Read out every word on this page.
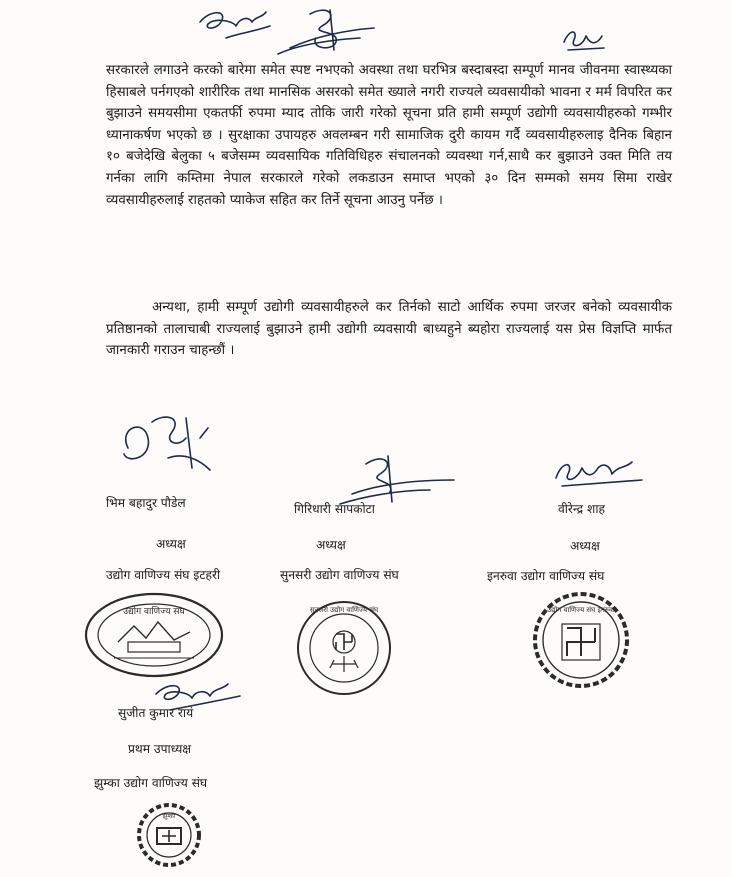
सरकारले लगाउने करको बारेमा समेत स्पष्ट नभएको अवस्था तथा घरभित्र बस्दाबस्दा सम्पूर्ण मानव जीवनमा स्वास्थ्यका हिसाबले पर्नगएको शारीरिक तथा मानसिक असरको समेत ख्याले नगरी राज्यले व्यवसायीको भावना र मर्म विपरित कर बुझाउने समयसीमा एकतर्फी रुपमा म्याद तोकि जारी गरेको सूचना प्रति हामी सम्पूर्ण उद्योगी व्यवसायीहरुको गम्भीर ध्यानाकर्षण भएको छ । सुरक्षाका उपायहरु अवलम्बन गरी सामाजिक दुरी कायम गर्दै व्यवसायीहरुलाइ दैनिक बिहान १० बजेदेखि बेलुका ५ बजेसम्म व्यवसायिक गतिविधिहरु संचालनको व्यवस्था गर्न,साथै कर बुझाउने उक्त मिति तय गर्नका लागि कम्तिमा नेपाल सरकारले गरेको लकडाउन समाप्त भएको ३० दिन सम्मको समय सिमा राखेर व्यवसायीहरुलाई राहतको प्याकेज सहित कर तिर्ने सूचना आउनु पर्नेछ ।

अन्यथा, हामी सम्पूर्ण उद्योगी व्यवसायीहरुले कर तिर्नको साटो आर्थिक रुपमा जरजर बनेको व्यवसायीक प्रतिष्ठानको तालाचाबी राज्यलाई बुझाउने हामी उद्योगी व्यवसायी बाध्यहुने ब्यहोरा राज्यलाई यस प्रेस विज्ञप्ति मार्फत जानकारी गराउन चाहन्छौं ।

भिम बहादुर पौडेल
अध्यक्ष
उद्योग वाणिज्य संघ इटहरी
गिरिधारी सापकोटा
अध्यक्ष
सुनसरी उद्योग वाणिज्य संघ
वीरेन्द्र शाह
अध्यक्ष
इनरुवा उद्योग वाणिज्य संघ
उद्योग वाणिज्य संघ	सुनसरी उद्योग वाणिज्य संघ	उद्योग वाणिज्य संघ इनरुवा
सुजीत कुमार रायं
प्रथम उपाध्यक्ष
झुम्का उद्योग वाणिज्य संघ
झुम्का
